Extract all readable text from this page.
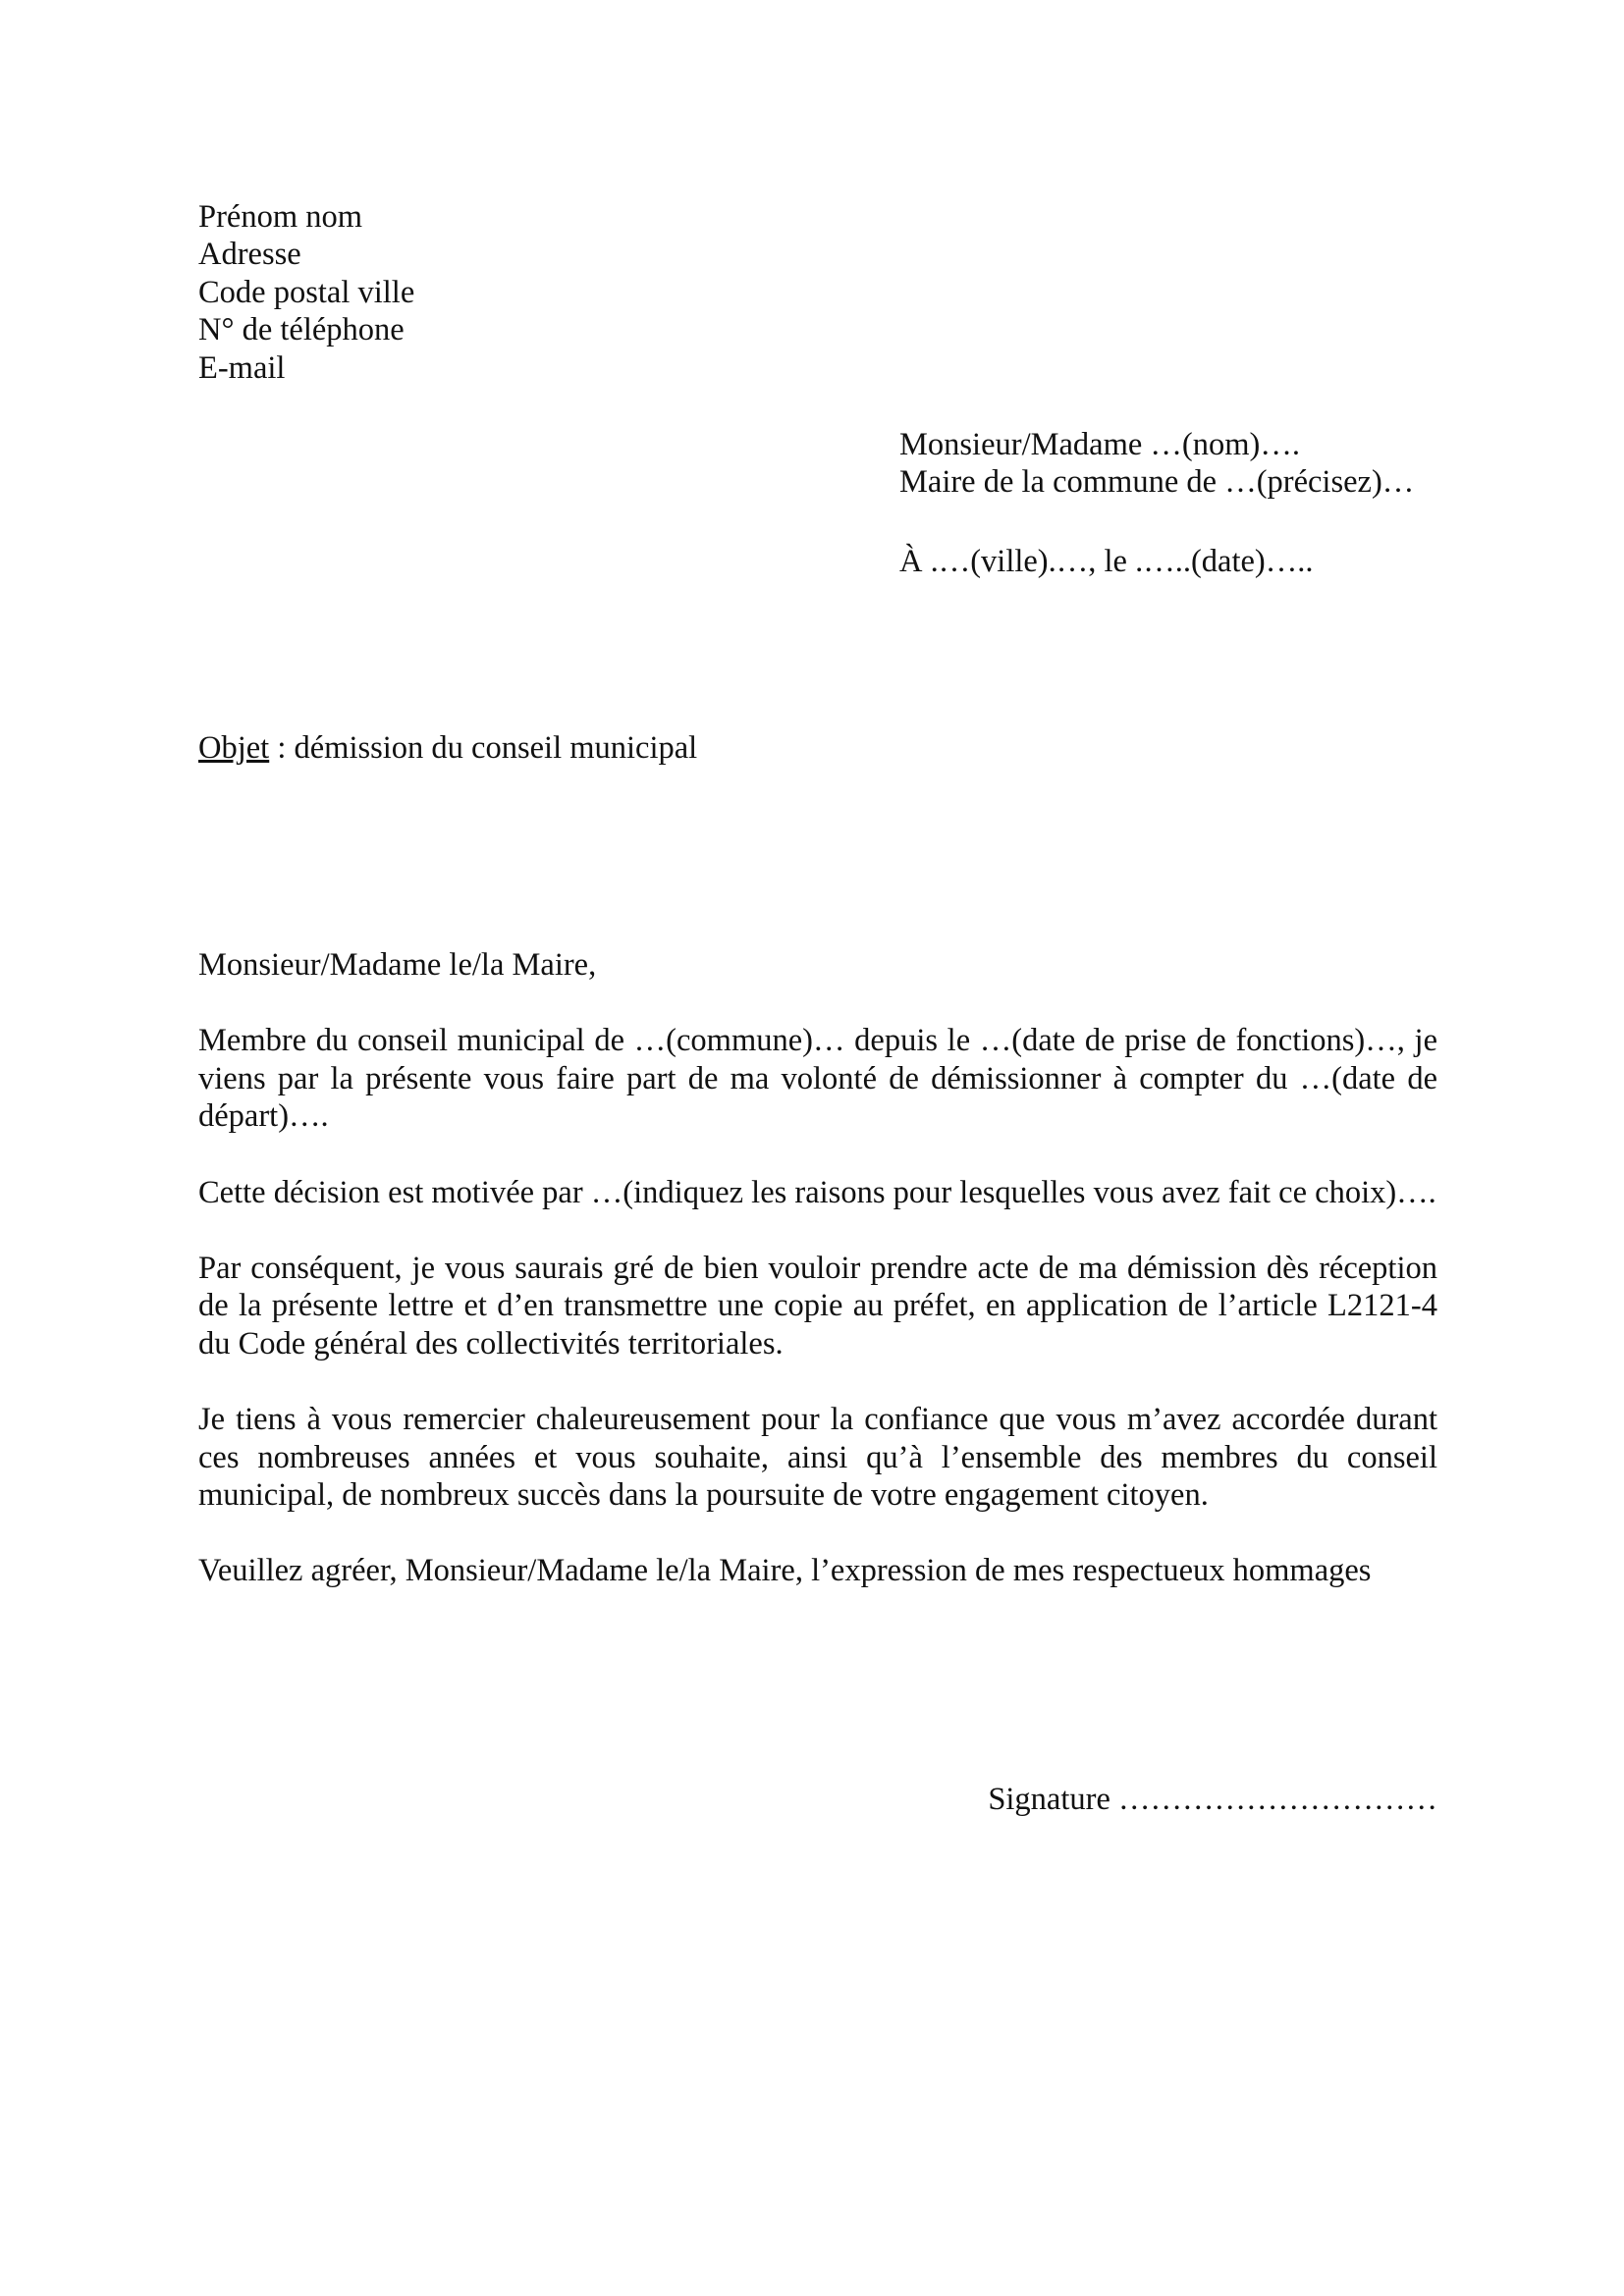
Prénom nom
Adresse
Code postal ville
N° de téléphone
E-mail
Monsieur/Madame …(nom)….
Maire de la commune de …(précisez)…
À .…(ville).…, le .…..(date)…..
Objet : démission du conseil municipal

Monsieur/Madame le/la Maire,

Membre du conseil municipal de …(commune)… depuis le …(date de prise de fonctions)…, je viens par la présente vous faire part de ma volonté de démissionner à compter du …(date de départ)….

Cette décision est motivée par …(indiquez les raisons pour lesquelles vous avez fait ce choix)….

Par conséquent, je vous saurais gré de bien vouloir prendre acte de ma démission dès réception de la présente lettre et d’en transmettre une copie au préfet, en application de l’article L2121-4 du Code général des collectivités territoriales.

Je tiens à vous remercier chaleureusement pour la confiance que vous m’avez accordée durant ces nombreuses années et vous souhaite, ainsi qu’à l’ensemble des membres du conseil municipal, de nombreux succès dans la poursuite de votre engagement citoyen.

Veuillez agréer, Monsieur/Madame le/la Maire, l’expression de mes respectueux hommages

Signature …………………………
